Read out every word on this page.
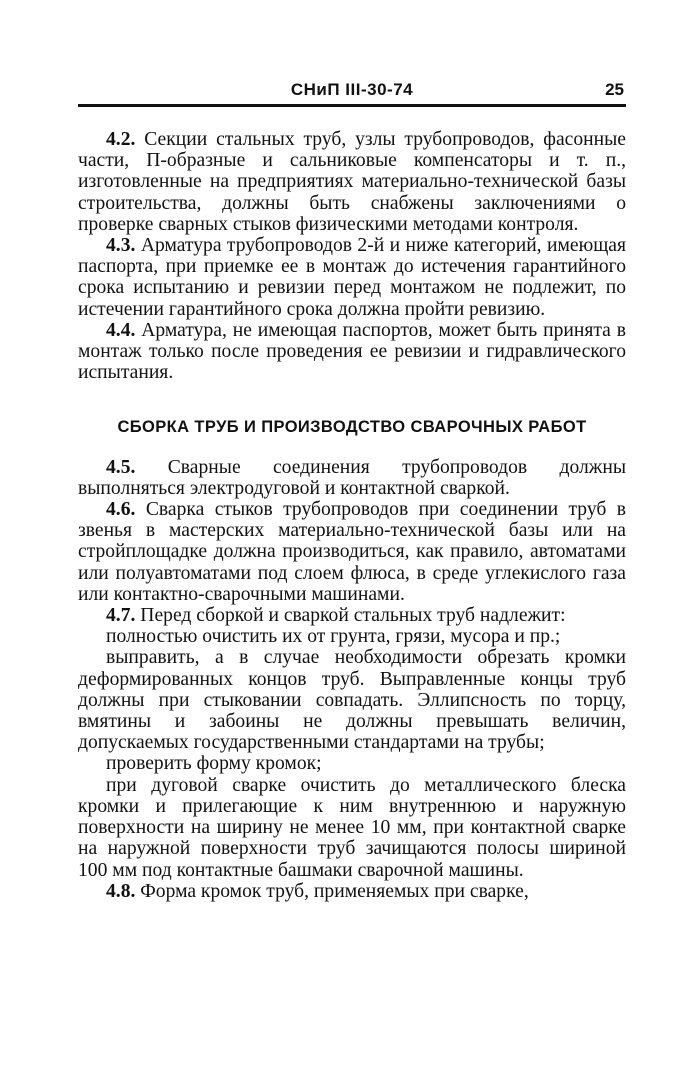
СНиП III-30-74	25

4.2. Секции стальных труб, узлы трубопроводов, фасонные части, П-образные и сальниковые компенсаторы и т. п., изготовленные на предприятиях материально-технической базы строительства, должны быть снабжены заключениями о проверке сварных стыков физическими методами контроля.

4.3. Арматура трубопроводов 2-й и ниже категорий, имеющая паспорта, при приемке ее в монтаж до истечения гарантийного срока испытанию и ревизии перед монтажом не подлежит, по истечении гарантийного срока должна пройти ревизию.

4.4. Арматура, не имеющая паспортов, может быть принята в монтаж только после проведения ее ревизии и гидравлического испытания.

СБОРКА ТРУБ И ПРОИЗВОДСТВО СВАРОЧНЫХ РАБОТ

4.5. Сварные соединения трубопроводов должны выполняться электродуговой и контактной сваркой.

4.6. Сварка стыков трубопроводов при соединении труб в звенья в мастерских материально-технической базы или на стройплощадке должна производиться, как правило, автоматами или полуавтоматами под слоем флюса, в среде углекислого газа или контактно-сварочными машинами.

4.7. Перед сборкой и сваркой стальных труб надлежит:

полностью очистить их от грунта, грязи, мусора и пр.;

выправить, а в случае необходимости обрезать кромки деформированных концов труб. Выправленные концы труб должны при стыковании совпадать. Эллипсность по торцу, вмятины и забоины не должны превышать величин, допускаемых государственными стандартами на трубы;

проверить форму кромок;

при дуговой сварке очистить до металлического блеска кромки и прилегающие к ним внутреннюю и наружную поверхности на ширину не менее 10 мм, при контактной сварке на наружной поверхности труб зачищаются полосы шириной 100 мм под контактные башмаки сварочной машины.

4.8. Форма кромок труб, применяемых при сварке,
